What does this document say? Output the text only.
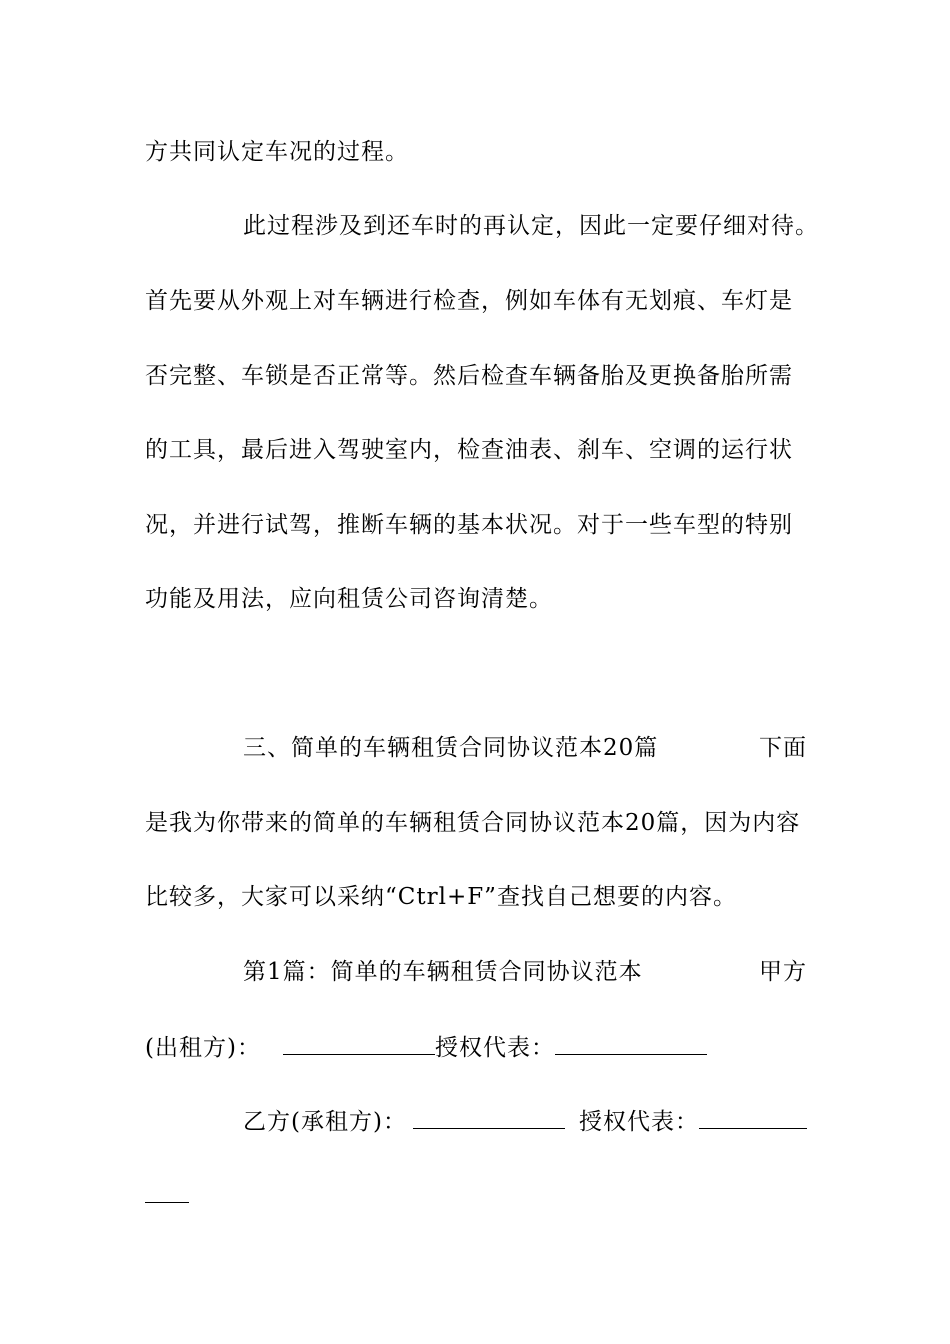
方共同认定车况的过程。
此过程涉及到还车时的再认定，因此一定要仔细对待。
首先要从外观上对车辆进行检查，例如车体有无划痕、车灯是
否完整、车锁是否正常等。然后检查车辆备胎及更换备胎所需
的工具，最后进入驾驶室内，检查油表、刹车、空调的运行状
况，并进行试驾，推断车辆的基本状况。对于一些车型的特别
功能及用法，应向租赁公司咨询清楚。
三、简单的车辆租赁合同协议范本20篇	下面
是我为你带来的简单的车辆租赁合同协议范本20篇，因为内容
比较多，大家可以采纳“Ctrl+F”查找自己想要的内容。
第1篇：简单的车辆租赁合同协议范本	甲方
(出租方)：	授权代表：
乙方(承租方)：	授权代表：
